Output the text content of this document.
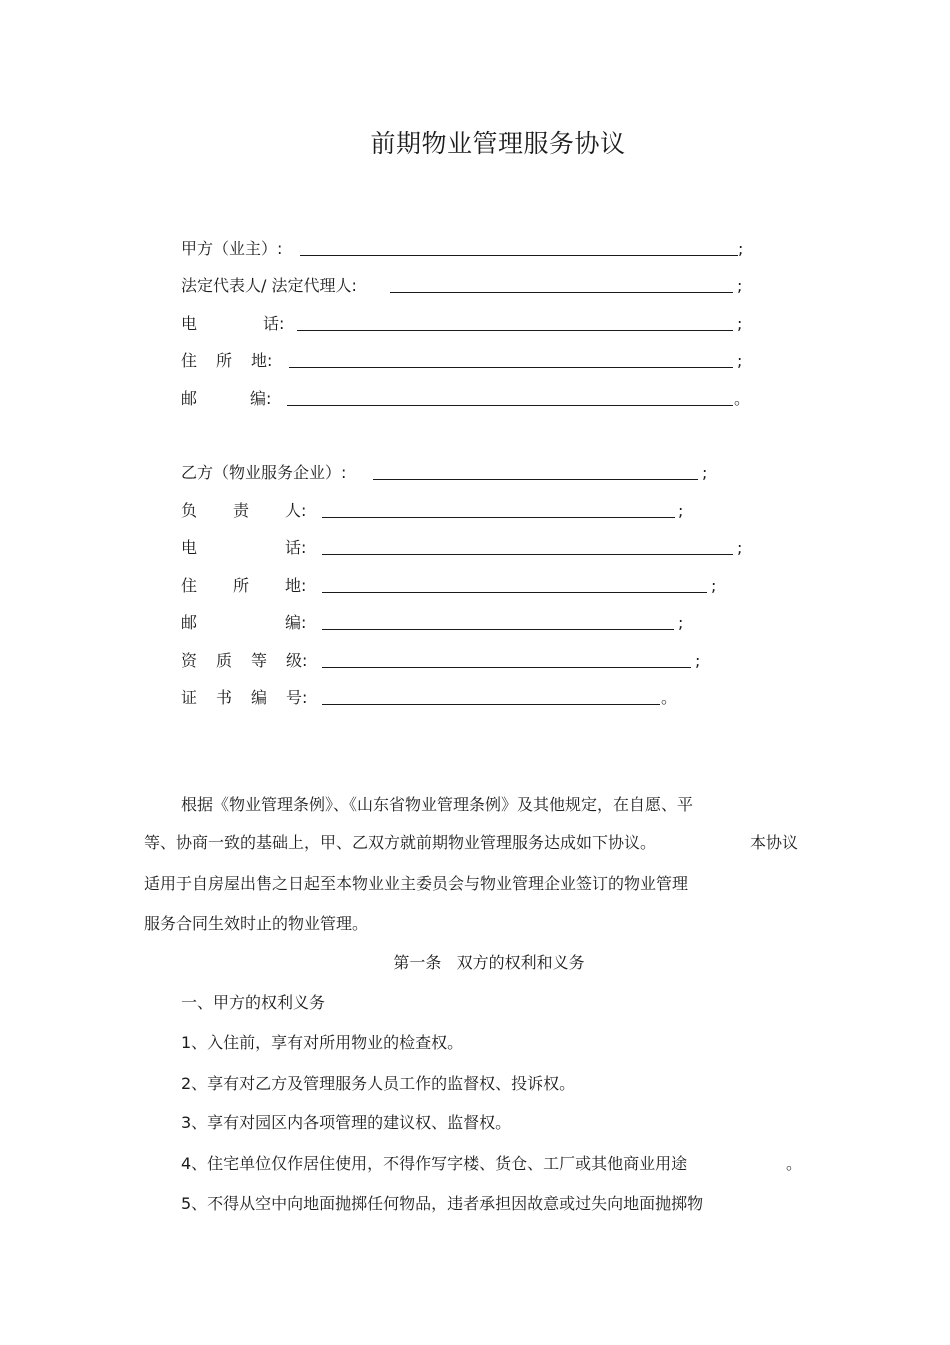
前期物业管理服务协议
甲方（业主）:	;
法定代表人/ 法定代理人:	;
电	话:	;
住 所 地:	;
邮	编:	。
乙方（物业服务企业）:	;
负 责 人:	;
电	话:	;
住 所 地:	;
邮	编:	;
资 质 等 级:	;
证 书 编 号:	。
根据《物业管理条例》、《山东省物业管理条例》及其他规定，在自愿、平
等、协商一致的基础上，甲、乙双方就前期物业管理服务达成如下协议。	本协议
适用于自房屋出售之日起至本物业业主委员会与物业管理企业签订的物业管理
服务合同生效时止的物业管理。
第一条   双方的权利和义务
一、甲方的权利义务
1、入住前，享有对所用物业的检查权。
2、享有对乙方及管理服务人员工作的监督权、投诉权。
3、享有对园区内各项管理的建议权、监督权。
4、住宅单位仅作居住使用，不得作写字楼、货仓、工厂或其他商业用途	。
5、不得从空中向地面抛掷任何物品，违者承担因故意或过失向地面抛掷物
